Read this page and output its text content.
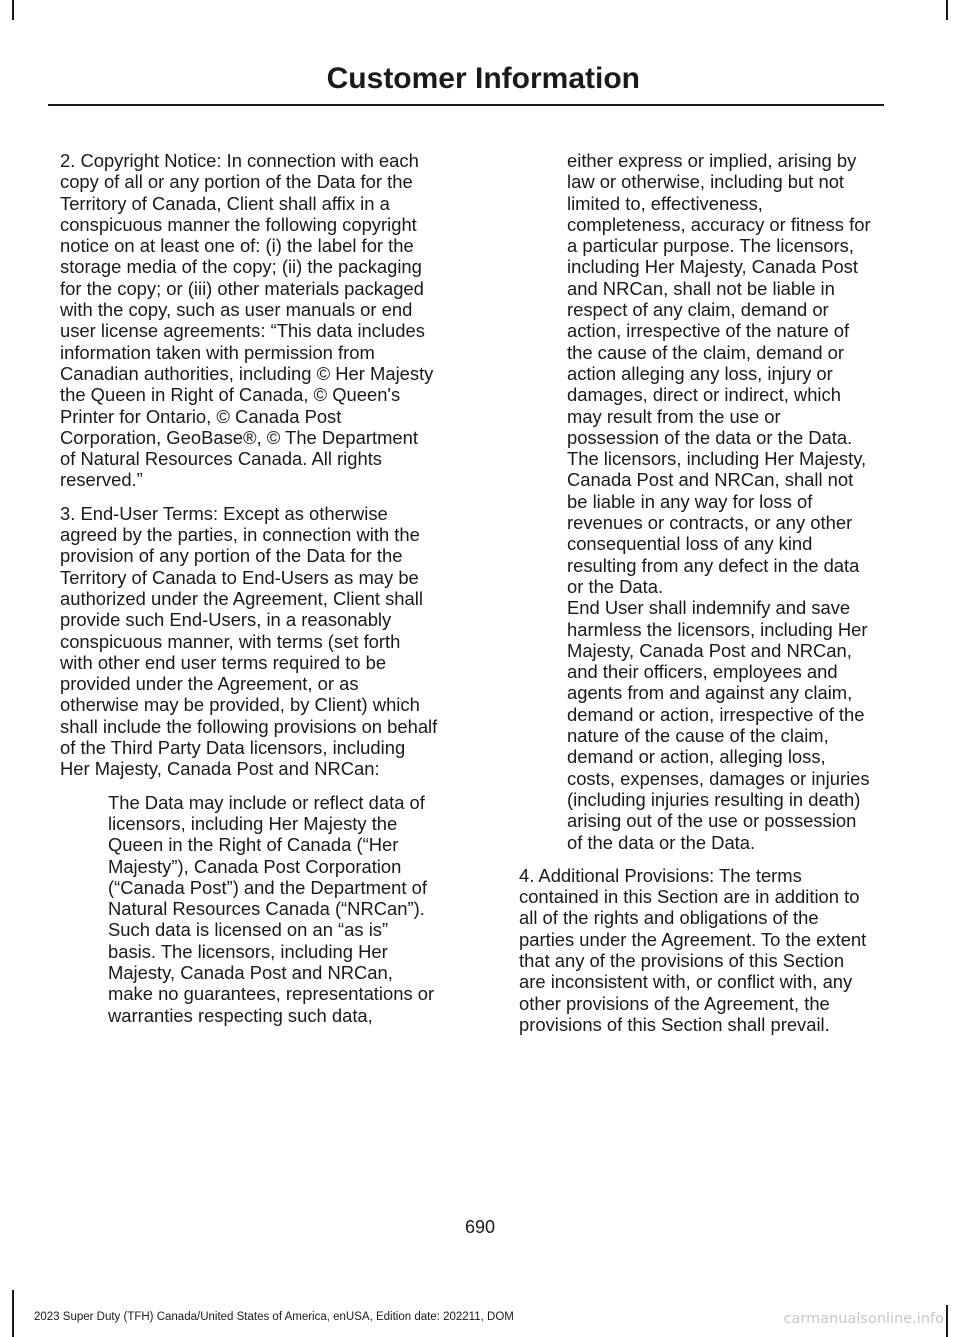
Customer Information

2. Copyright Notice: In connection with each copy of all or any portion of the Data for the Territory of Canada, Client shall affix in a conspicuous manner the following copyright notice on at least one of: (i) the label for the storage media of the copy; (ii) the packaging for the copy; or (iii) other materials packaged with the copy, such as user manuals or end user license agreements: “This data includes information taken with permission from Canadian authorities, including © Her Majesty the Queen in Right of Canada, © Queen's Printer for Ontario, © Canada Post Corporation, GeoBase®, © The Department of Natural Resources Canada. All rights reserved.”

3. End-User Terms: Except as otherwise agreed by the parties, in connection with the provision of any portion of the Data for the Territory of Canada to End-Users as may be authorized under the Agreement, Client shall provide such End-Users, in a reasonably conspicuous manner, with terms (set forth with other end user terms required to be provided under the Agreement, or as otherwise may be provided, by Client) which shall include the following provisions on behalf of the Third Party Data licensors, including Her Majesty, Canada Post and NRCan:

The Data may include or reflect data of licensors, including Her Majesty the Queen in the Right of Canada (“Her Majesty”), Canada Post Corporation (“Canada Post”) and the Department of Natural Resources Canada (“NRCan”). Such data is licensed on an “as is” basis. The licensors, including Her Majesty, Canada Post and NRCan, make no guarantees, representations or warranties respecting such data,

either express or implied, arising by law or otherwise, including but not limited to, effectiveness, completeness, accuracy or fitness for a particular purpose. The licensors, including Her Majesty, Canada Post and NRCan, shall not be liable in respect of any claim, demand or action, irrespective of the nature of the cause of the claim, demand or action alleging any loss, injury or damages, direct or indirect, which may result from the use or possession of the data or the Data. The licensors, including Her Majesty, Canada Post and NRCan, shall not be liable in any way for loss of revenues or contracts, or any other consequential loss of any kind resulting from any defect in the data or the Data.

End User shall indemnify and save harmless the licensors, including Her Majesty, Canada Post and NRCan, and their officers, employees and agents from and against any claim, demand or action, irrespective of the nature of the cause of the claim, demand or action, alleging loss, costs, expenses, damages or injuries (including injuries resulting in death) arising out of the use or possession of the data or the Data.

4. Additional Provisions: The terms contained in this Section are in addition to all of the rights and obligations of the parties under the Agreement. To the extent that any of the provisions of this Section are inconsistent with, or conflict with, any other provisions of the Agreement, the provisions of this Section shall prevail.

690
2023 Super Duty (TFH) Canada/United States of America, enUSA, Edition date: 202211, DOM	carmanualsonline.info
